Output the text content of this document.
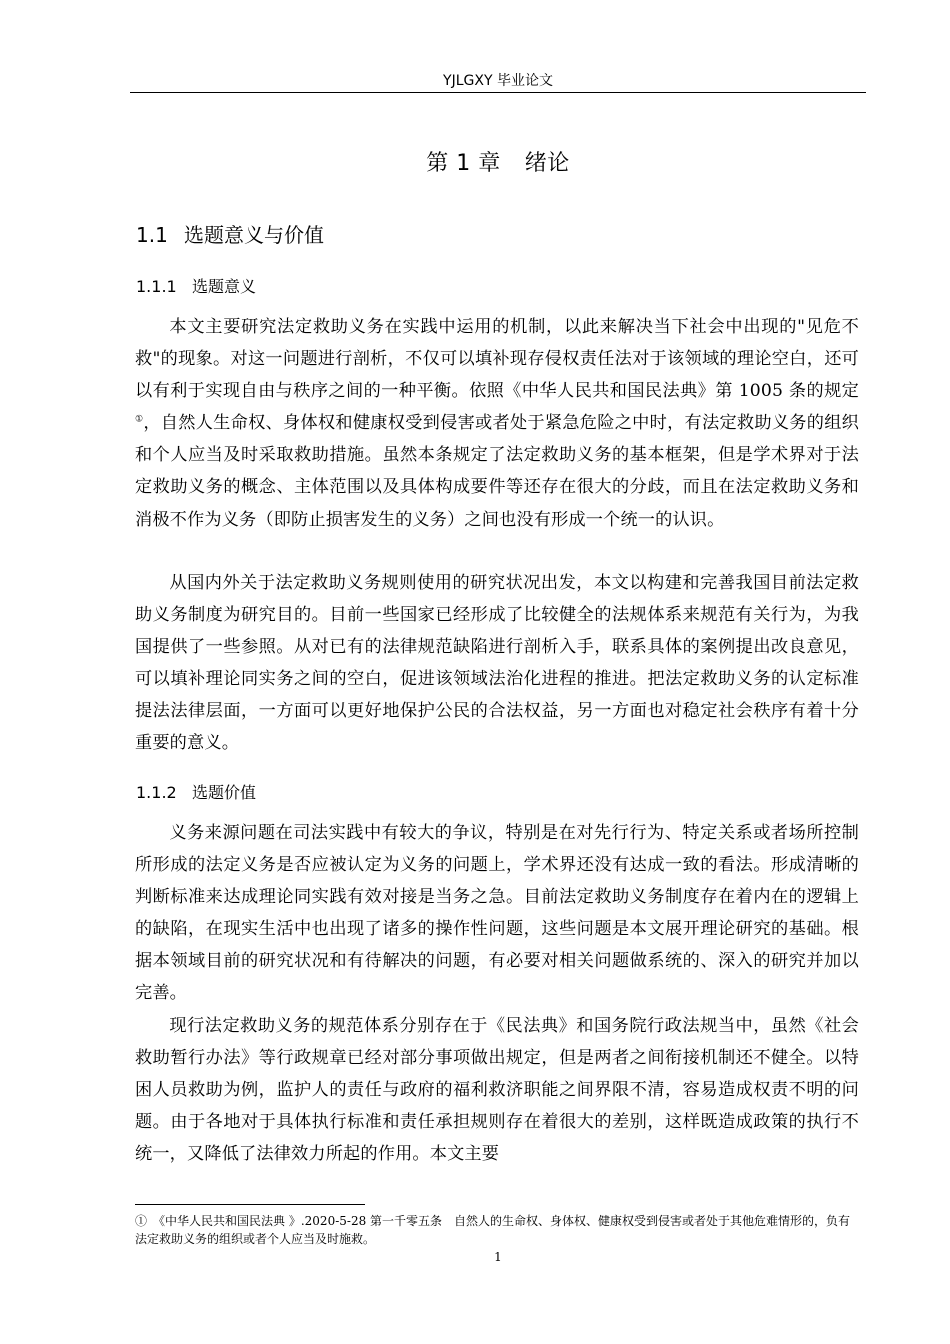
YJLGXY 毕业论文
第 1 章 绪论
1.1 选题意义与价值
1.1.1 选题意义

本文主要研究法定救助义务在实践中运用的机制，以此来解决当下社会中出现的"见危不救"的现象。对这一问题进行剖析，不仅可以填补现存侵权责任法对于该领域的理论空白，还可以有利于实现自由与秩序之间的一种平衡。依照《中华人民共和国民法典》第 1005 条的规定①，自然人生命权、身体权和健康权受到侵害或者处于紧急危险之中时，有法定救助义务的组织和个人应当及时采取救助措施。虽然本条规定了法定救助义务的基本框架，但是学术界对于法定救助义务的概念、主体范围以及具体构成要件等还存在很大的分歧，而且在法定救助义务和消极不作为义务（即防止损害发生的义务）之间也没有形成一个统一的认识。

从国内外关于法定救助义务规则使用的研究状况出发，本文以构建和完善我国目前法定救助义务制度为研究目的。目前一些国家已经形成了比较健全的法规体系来规范有关行为，为我国提供了一些参照。从对已有的法律规范缺陷进行剖析入手，联系具体的案例提出改良意见，可以填补理论同实务之间的空白，促进该领域法治化进程的推进。把法定救助义务的认定标准提法法律层面，一方面可以更好地保护公民的合法权益，另一方面也对稳定社会秩序有着十分重要的意义。

1.1.2 选题价值

义务来源问题在司法实践中有较大的争议，特别是在对先行行为、特定关系或者场所控制所形成的法定义务是否应被认定为义务的问题上，学术界还没有达成一致的看法。形成清晰的判断标准来达成理论同实践有效对接是当务之急。目前法定救助义务制度存在着内在的逻辑上的缺陷，在现实生活中也出现了诸多的操作性问题，这些问题是本文展开理论研究的基础。根据本领域目前的研究状况和有待解决的问题，有必要对相关问题做系统的、深入的研究并加以完善。

现行法定救助义务的规范体系分别存在于《民法典》和国务院行政法规当中，虽然《社会救助暂行办法》等行政规章已经对部分事项做出规定，但是两者之间衔接机制还不健全。以特困人员救助为例，监护人的责任与政府的福利救济职能之间界限不清，容易造成权责不明的问题。由于各地对于具体执行标准和责任承担规则存在着很大的差别，这样既造成政策的执行不统一，又降低了法律效力所起的作用。本文主要

①　 《中华人民共和国民法典 》.2020-5-28 第一千零五条　自然人的生命权、身体权、健康权受到侵害或者处于其他危难情形的，负有法定救助义务的组织或者个人应当及时施救。

1
